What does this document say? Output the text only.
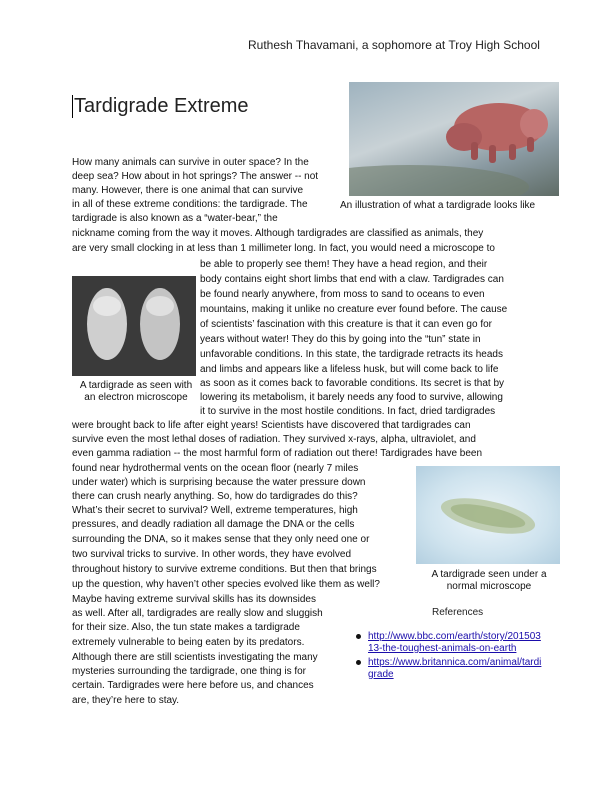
Ruthesh Thavamani, a sophomore at Troy High School
Tardigrade Extreme
An illustration of what a tardigrade looks like
A tardigrade as seen with
an electron microscope
A tardigrade seen under a
normal microscope
How many animals can survive in outer space? In the
deep sea? How about in hot springs? The answer -- not
many. However, there is one animal that can survive
in all of these extreme conditions: the tardigrade. The
tardigrade is also known as a “water-bear,” the
nickname coming from the way it moves. Although tardigrades are classified as animals, they
are very small clocking in at less than 1 millimeter long. In fact, you would need a microscope to
be able to properly see them! They have a head region, and their
body contains eight short limbs that end with a claw. Tardigrades can
be found nearly anywhere, from moss to sand to oceans to even
mountains, making it unlike no creature ever found before. The cause
of scientists’ fascination with this creature is that it can even go for
years without water! They do this by going into the “tun” state in
unfavorable conditions. In this state, the tardigrade retracts its heads
and limbs and appears like a lifeless husk, but will come back to life
as soon as it comes back to favorable conditions. Its secret is that by
lowering its metabolism, it barely needs any food to survive, allowing
it to survive in the most hostile conditions. In fact, dried tardigrades
were brought back to life after eight years! Scientists have discovered that tardigrades can
survive even the most lethal doses of radiation. They survived x-rays, alpha, ultraviolet, and
even gamma radiation -- the most harmful form of radiation out there! Tardigrades have been
found near hydrothermal vents on the ocean floor (nearly 7 miles
under water) which is surprising because the water pressure down
there can crush nearly anything. So, how do tardigrades do this?
What’s their secret to survival? Well, extreme temperatures, high
pressures, and deadly radiation all damage the DNA or the cells
surrounding the DNA, so it makes sense that they only need one or
two survival tricks to survive. In other words, they have evolved
throughout history to survive extreme conditions. But then that brings
up the question, why haven’t other species evolved like them as well?
Maybe having extreme survival skills has its downsides
as well. After all, tardigrades are really slow and sluggish
for their size. Also, the tun state makes a tardigrade
extremely vulnerable to being eaten by its predators.
Although there are still scientists investigating the many
mysteries surrounding the tardigrade, one thing is for
certain. Tardigrades were here before us, and chances
are, they’re here to stay.
References
http://www.bbc.com/earth/story/201503
13-the-toughest-animals-on-earth
https://www.britannica.com/animal/tardi
grade
